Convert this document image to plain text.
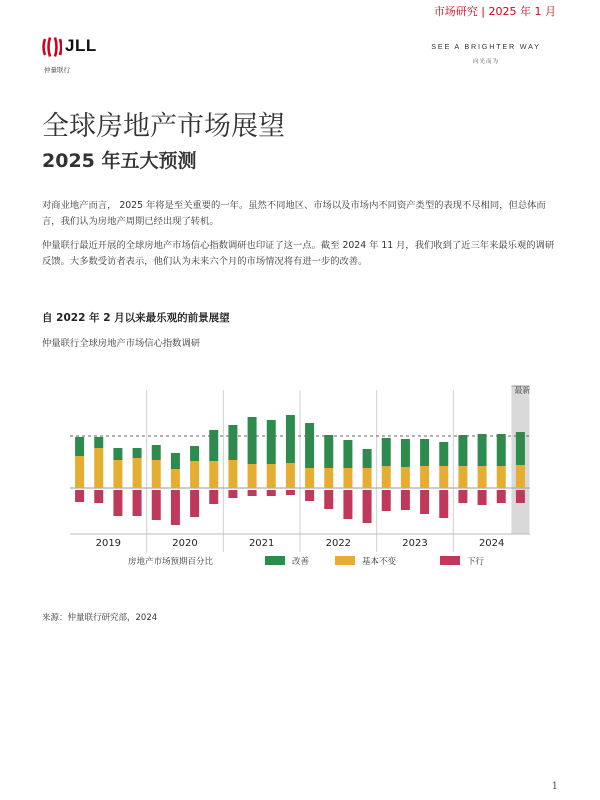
市场研究 | 2025 年 1 月
JLL
仲量联行
SEE A BRIGHTER WAY
向光而为
全球房地产市场展望
2025 年五大预测
对商业地产而言， 2025 年将是至关重要的一年。虽然不同地区、市场以及市场内不同资产类型的表现不尽相同，但总体而言，我们认为房地产周期已经出现了转机。
仲量联行最近开展的全球房地产市场信心指数调研也印证了这一点。截至 2024 年 11 月，我们收到了近三年来最乐观的调研反馈。大多数受访者表示，他们认为未来六个月的市场情况将有进一步的改善。
自 2022 年 2 月以来最乐观的前景展望
仲量联行全球房地产市场信心指数调研
最新
2019	2020	2021	2022	2023	2024
房地产市场预期百分比	改善	基本不变	下行
来源：仲量联行研究部，2024
1
